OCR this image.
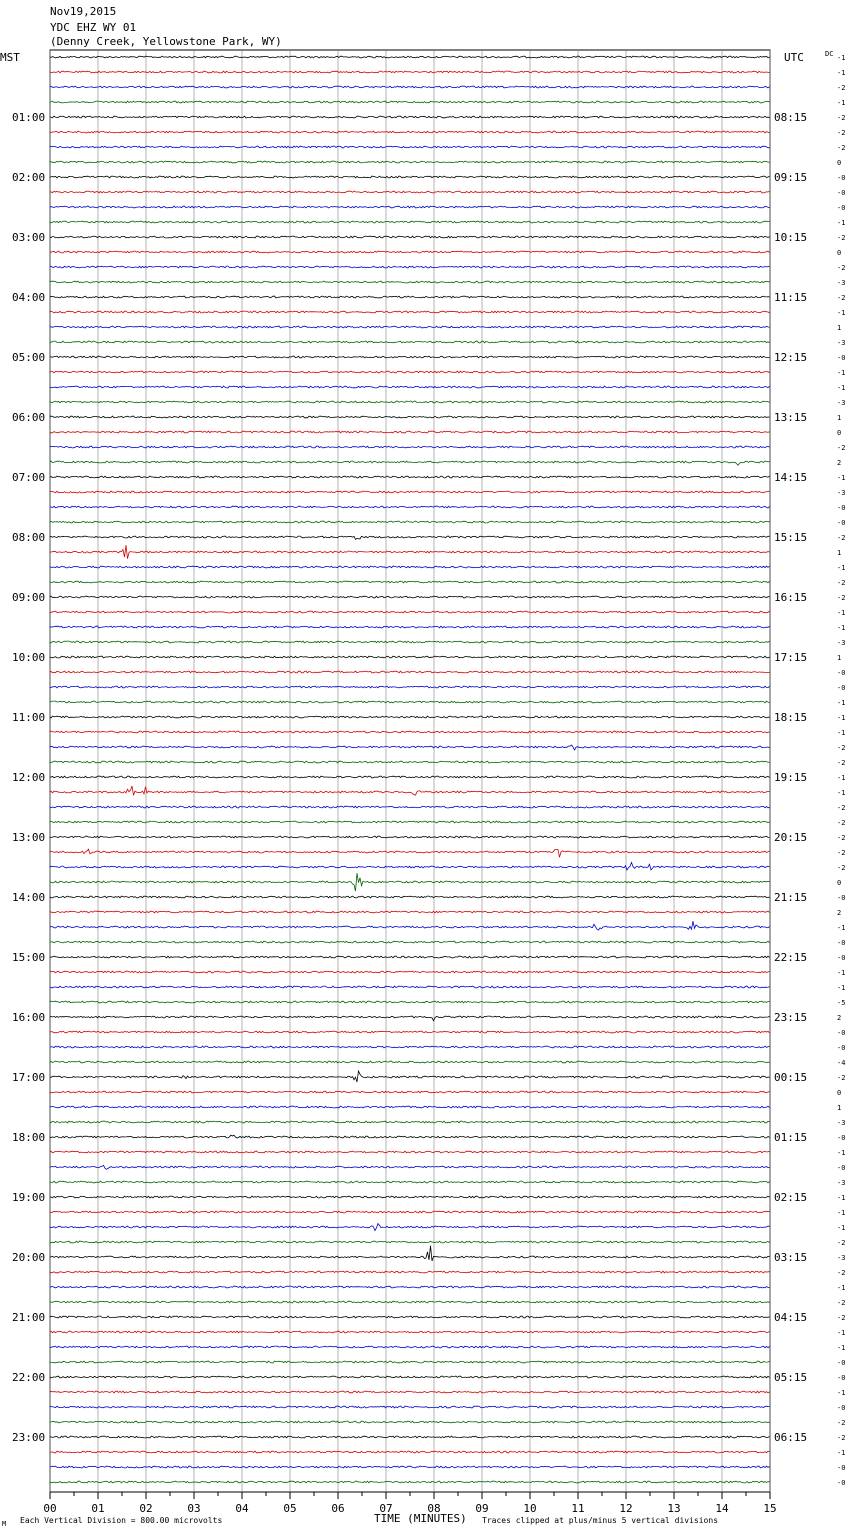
Nov19,2015
YDC EHZ WY 01
(Denny Creek, Yellowstone Park, WY)
00	01	02	03	04	05	06	07	08	09	10	11	12	13	14	15
-1
-1
-2
-1
01:00	08:15	-2
-2
-2
0
02:00	09:15	-0
-0
-0
-1
03:00	10:15	-2
0
-2
-3
04:00	11:15	-2
-1
1
-3
05:00	12:15	-0
-1
-1
-3
06:00	13:15	1
0
-2
2
07:00	14:15	-1
-3
-0
-0
08:00	15:15	-2
1
-1
-2
09:00	16:15	-2
-1
-1
-3
10:00	17:15	1
-0
-0
-1
11:00	18:15	-1
-1
-2
-2
12:00	19:15	-1
-1
-2
-2
13:00	20:15	-2
-2
-2
0
14:00	21:15	-0
2
-1
-0
15:00	22:15	-0
-1
-1
-5
16:00	23:15	2
-0
-0
-4
17:00	00:15	-2
0
1
-3
18:00	01:15	-0
-1
-0
-3
19:00	02:15	-1
-1
-1
-2
20:00	03:15	-3
-2
-1
-2
21:00	04:15	-2
-1
-1
-0
22:00	05:15	-0
-1
-0
-2
23:00	06:15	-2
-1
-0
-0
MST	UTC	DC
TIME (MINUTES)
Each Vertical Division = 800.00 microvolts	Traces clipped at plus/minus 5 vertical divisions
M
